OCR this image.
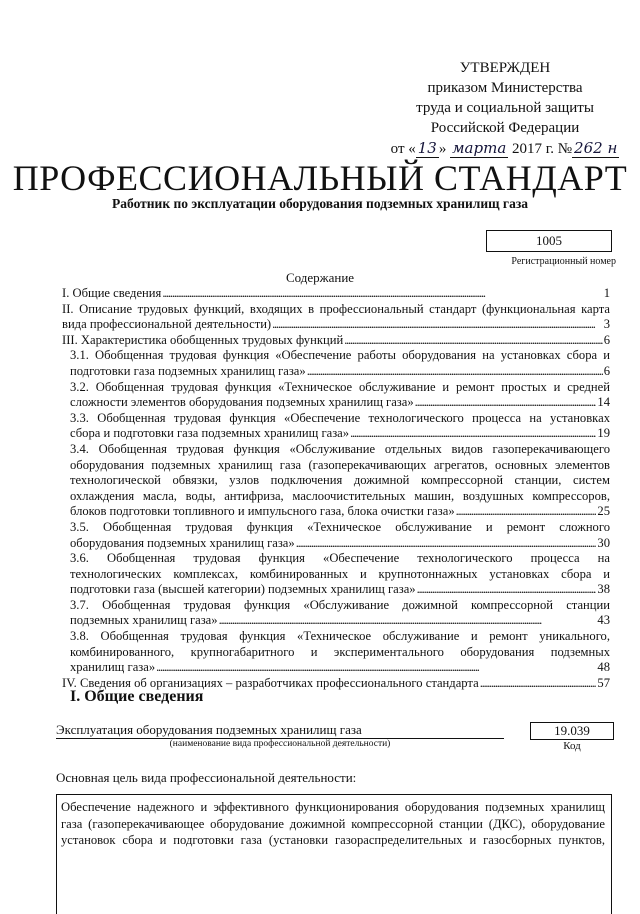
УТВЕРЖДЕН
приказом Министерства
труда и социальной защиты
Российской Федерации
от « 13 » марта 2017 г. № 262 н
ПРОФЕССИОНАЛЬНЫЙ СТАНДАРТ
Работник по эксплуатации оборудования подземных хранилищ газа
1005
Регистрационный номер
Содержание
I. Общие сведения . . .	1
II. Описание трудовых функций, входящих в профессиональный стандарт (функциональная карта
вида профессиональной деятельности) . . .	3
III. Характеристика обобщенных трудовых функций . . .	6
3.1. Обобщенная трудовая функция «Обеспечение работы оборудования на установках сбора и
подготовки газа подземных хранилищ газа» . . .	6
3.2. Обобщенная трудовая функция «Техническое обслуживание и ремонт простых и средней
сложности элементов оборудования подземных хранилищ газа» . . .	14
3.3. Обобщенная трудовая функция «Обеспечение технологического процесса на установках
сбора и подготовки газа подземных хранилищ газа» . . .	19
3.4. Обобщенная трудовая функция «Обслуживание отдельных видов газоперекачивающего
оборудования подземных хранилищ газа (газоперекачивающих агрегатов, основных элементов
технологической обвязки, узлов подключения дожимной компрессорной станции, систем
охлаждения масла, воды, антифриза, маслоочистительных машин, воздушных компрессоров,
блоков подготовки топливного и импульсного газа, блока очистки газа» . . .	25
3.5. Обобщенная трудовая функция «Техническое обслуживание и ремонт сложного
оборудования подземных хранилищ газа» . . .	30
3.6. Обобщенная трудовая функция «Обеспечение технологического процесса на
технологических комплексах, комбинированных и крупнотоннажных установках сбора и
подготовки газа (высшей категории) подземных хранилищ газа» . . .	38
3.7. Обобщенная трудовая функция «Обслуживание дожимной компрессорной станции
подземных хранилищ газа» . . .	43
3.8. Обобщенная трудовая функция «Техническое обслуживание и ремонт уникального,
комбинированного, крупногабаритного и экспериментального оборудования подземных
хранилищ газа» . . .	48
IV. Сведения об организациях – разработчиках профессионального стандарта . . .	57
I. Общие сведения
Эксплуатация оборудования подземных хранилищ газа
(наименование вида профессиональной деятельности)
19.039
Код
Основная цель вида профессиональной деятельности:
Обеспечение надежного и эффективного функционирования оборудования подземных хранилищ
газа (газоперекачивающее оборудование дожимной компрессорной станции (ДКС), оборудование
установок сбора и подготовки газа (установки газораспределительных и газосборных пунктов,
